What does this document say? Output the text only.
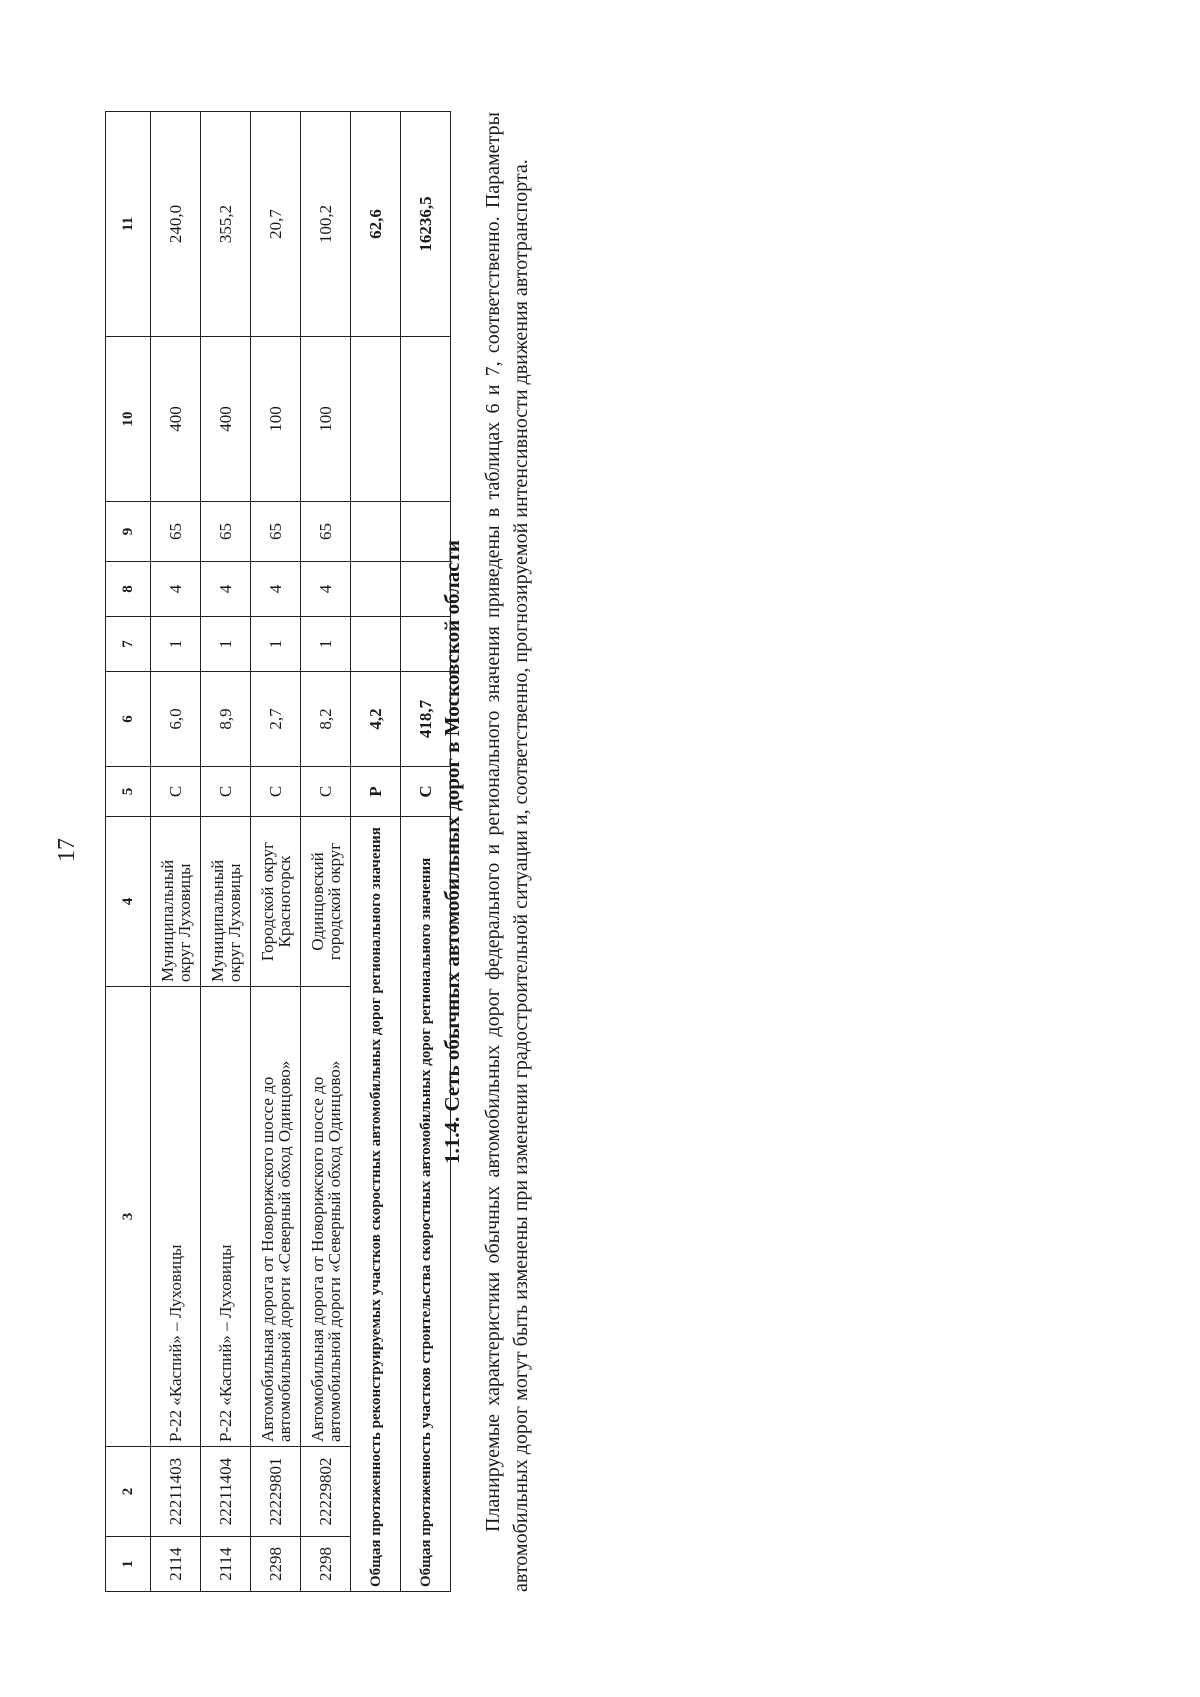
17
1	2	3	4	5	6	7	8	9	10	11
2114	22211403	Р-22 «Каспий» – Луховицы	Муниципальный округ Луховицы	С	6,0	1	4	65	400	240,0
2114	22211404	Р-22 «Каспий» – Луховицы	Муниципальный округ Луховицы	С	8,9	1	4	65	400	355,2
2298	22229801	Автомобильная дорога от Новорижского шоссе до автомобильной дороги «Северный обход Одинцово»	Городской округ Красногорск	С	2,7	1	4	65	100	20,7
2298	22229802	Автомобильная дорога от Новорижского шоссе до автомобильной дороги «Северный обход Одинцово»	Одинцовский городской округ	С	8,2	1	4	65	100	100,2
Общая протяженность реконструируемых участков скоростных автомобильных дорог регионального значения				Р	4,2					62,6
Общая протяженность участков строительства скоростных автомобильных дорог регионального значения				С	418,7					16236,5
1.1.4. Сеть обычных автомобильных дорог в Московской области Планируемые характеристики обычных автомобильных дорог федерального и регионального значения приведены в таблицах 6 и 7, соответственно. Параметры автомобильных дорог могут быть изменены при изменении градостроительной ситуации и, соответственно, прогнозируемой интенсивности движения автотранспорта.
